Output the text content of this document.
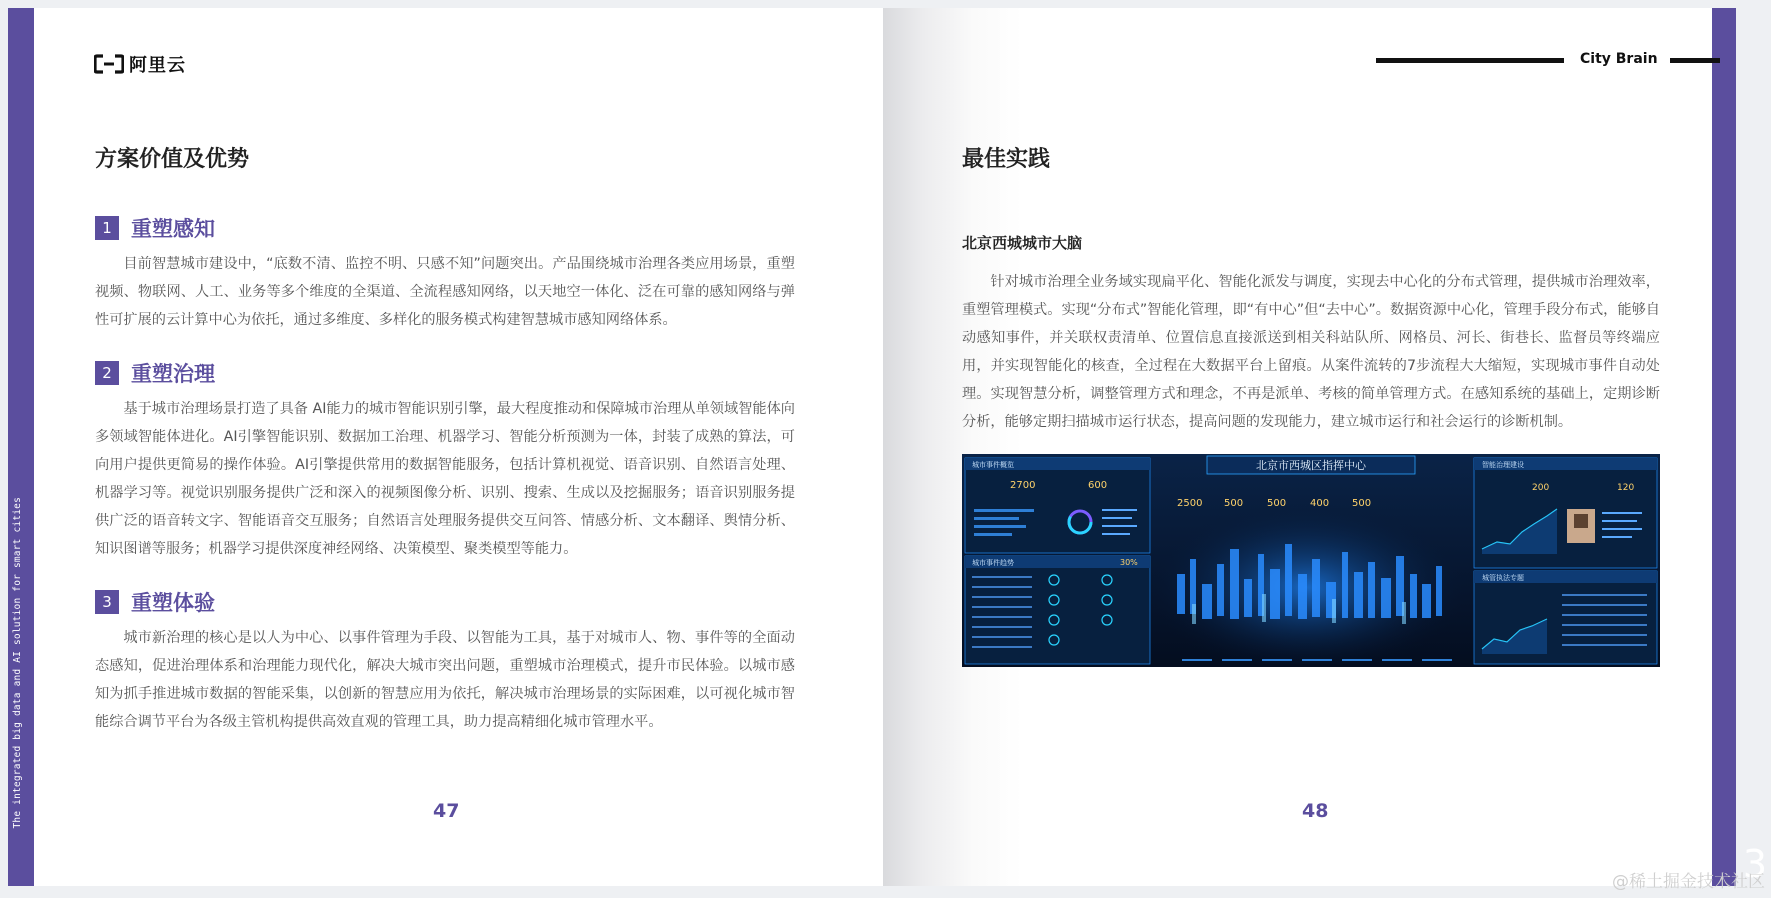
The integrated big data and AI solution for smart cities
阿里云
方案价值及优势
1 重塑感知

目前智慧城市建设中，“底数不清、监控不明、只感不知”问题突出。产品围绕城市治理各类应用场景，重塑视频、物联网、人工、业务等多个维度的全渠道、全流程感知网络，以天地空一体化、泛在可靠的感知网络与弹性可扩展的云计算中心为依托，通过多维度、多样化的服务模式构建智慧城市感知网络体系。

2 重塑治理

基于城市治理场景打造了具备 AI能力的城市智能识别引擎，最大程度推动和保障城市治理从单领域智能体向多领域智能体进化。AI引擎智能识别、数据加工治理、机器学习、智能分析预测为一体，封装了成熟的算法，可向用户提供更简易的操作体验。AI引擎提供常用的数据智能服务，包括计算机视觉、语音识别、自然语言处理、机器学习等。视觉识别服务提供广泛和深入的视频图像分析、识别、搜索、生成以及挖掘服务；语音识别服务提供广泛的语音转文字、智能语音交互服务；自然语言处理服务提供交互问答、情感分析、文本翻译、舆情分析、知识图谱等服务；机器学习提供深度神经网络、决策模型、聚类模型等能力。

3 重塑体验

城市新治理的核心是以人为中心、以事件管理为手段、以智能为工具，基于对城市人、物、事件等的全面动态感知，促进治理体系和治理能力现代化，解决大城市突出问题，重塑城市治理模式，提升市民体验。以城市感知为抓手推进城市数据的智能采集，以创新的智慧应用为依托，解决城市治理场景的实际困难，以可视化城市智能综合调节平台为各级主管机构提供高效直观的管理工具，助力提高精细化城市管理水平。

47	48
City Brain
最佳实践
北京西城城市大脑

针对城市治理全业务域实现扁平化、智能化派发与调度，实现去中心化的分布式管理，提供城市治理效率，重塑管理模式。实现“分布式”智能化管理，即“有中心”但“去中心”。数据资源中心化，管理手段分布式，能够自动感知事件，并关联权责清单、位置信息直接派送到相关科站队所、网格员、河长、街巷长、监督员等终端应用，并实现智能化的核查，全过程在大数据平台上留痕。从案件流转的7步流程大大缩短，实现城市事件自动处理。实现智慧分析，调整管理方式和理念，不再是派单、考核的简单管理方式。在感知系统的基础上，定期诊断分析，能够定期扫描城市运行状态，提高问题的发现能力，建立城市运行和社会运行的诊断机制。

北京市西城区指挥中心
2500 500 500 400 500
城市事件概览
2700	600
城市事件趋势	30%
智能治理建设
200	120
城管执法专题
3
@稀土掘金技术社区
